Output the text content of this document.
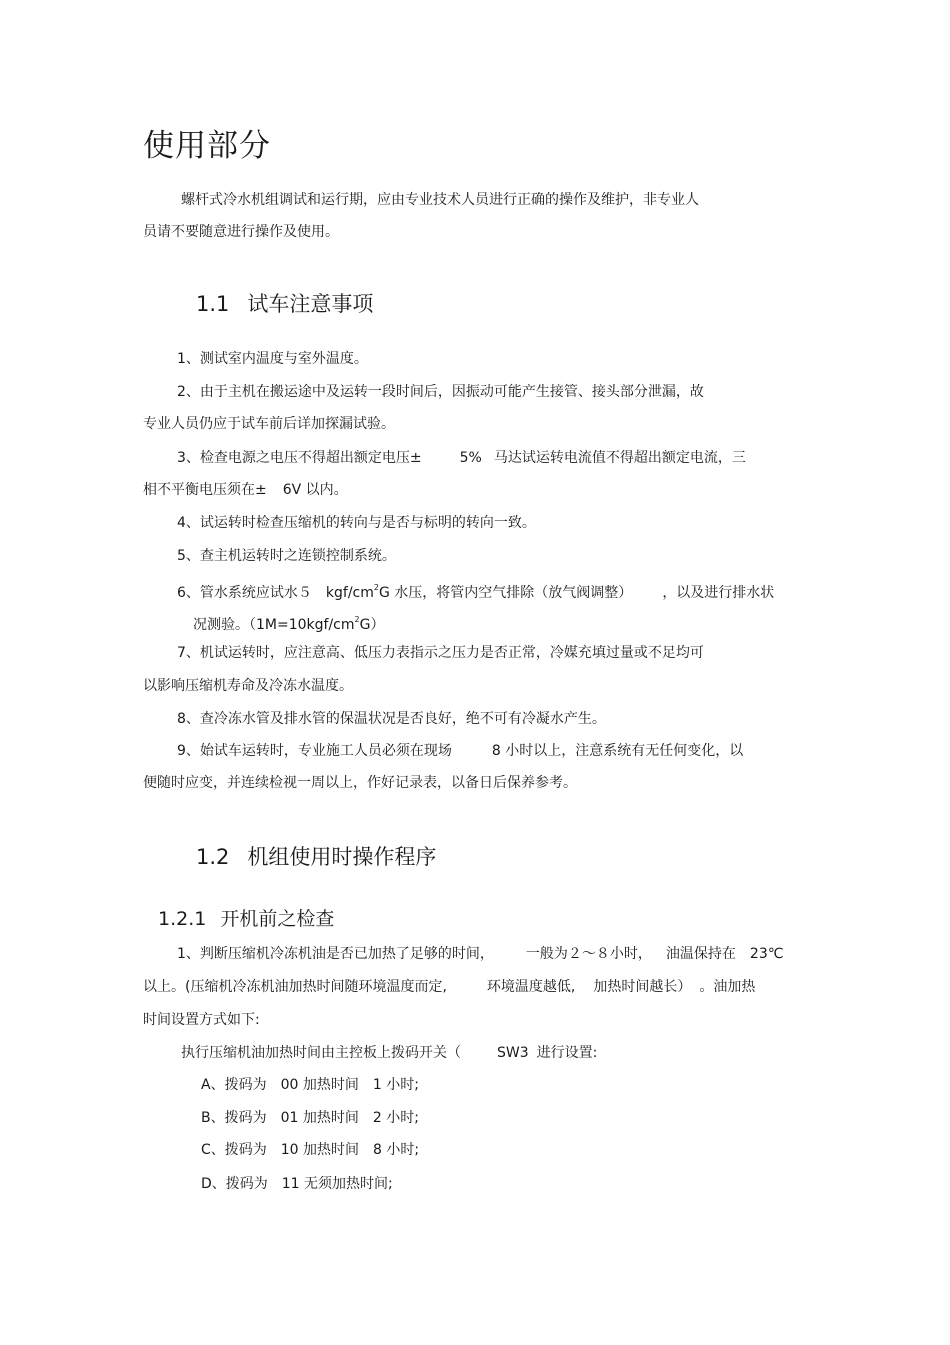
使用部分
螺杆式冷水机组调试和运行期，应由专业技术人员进行正确的操作及维护，非专业人
员请不要随意进行操作及使用。
1.1 试车注意事项
1、测试室内温度与室外温度。
2、由于主机在搬运途中及运转一段时间后，因振动可能产生接管、接头部分泄漏，故
专业人员仍应于试车前后详加探漏试验。
3、检查电源之电压不得超出额定电压±	5% 马达试运转电流值不得超出额定电流，三
相不平衡电压须在± 6V 以内。
4、试运转时检查压缩机的转向与是否与标明的转向一致。
5、查主机运转时之连锁控制系统。
6、管水系统应试水５ kgf/$cm^2G$ 水压，将管内空气排除（放气阀调整） ，以及进行排水状
况测验。$(1M=10kgf/cm^2G)$
7、机试运转时，应注意高、低压力表指示之压力是否正常，冷媒充填过量或不足均可
以影响压缩机寿命及冷冻水温度。
8、查冷冻水管及排水管的保温状况是否良好，绝不可有冷凝水产生。
9、始试车运转时，专业施工人员必须在现场	8 小时以上，注意系统有无任何变化，以
便随时应变，并连续检视一周以上，作好记录表，以备日后保养参考。
1.2 机组使用时操作程序
1.2.1 开机前之检查
1、判断压缩机冷冻机油是否已加热了足够的时间， 一般为２～８小时， 油温保持在 23℃
以上。(压缩机冷冻机油加热时间随环境温度而定,	环境温度越低, 加热时间越长） 。油加热
时间设置方式如下:
执行压缩机油加热时间由主控板上拨码开关（	SW3 进行设置:
A、拨码为　00 加热时间　1 小时;
B、拨码为　01 加热时间　2 小时;
C、拨码为　10 加热时间　8 小时;
D、拨码为　11 无须加热时间;
